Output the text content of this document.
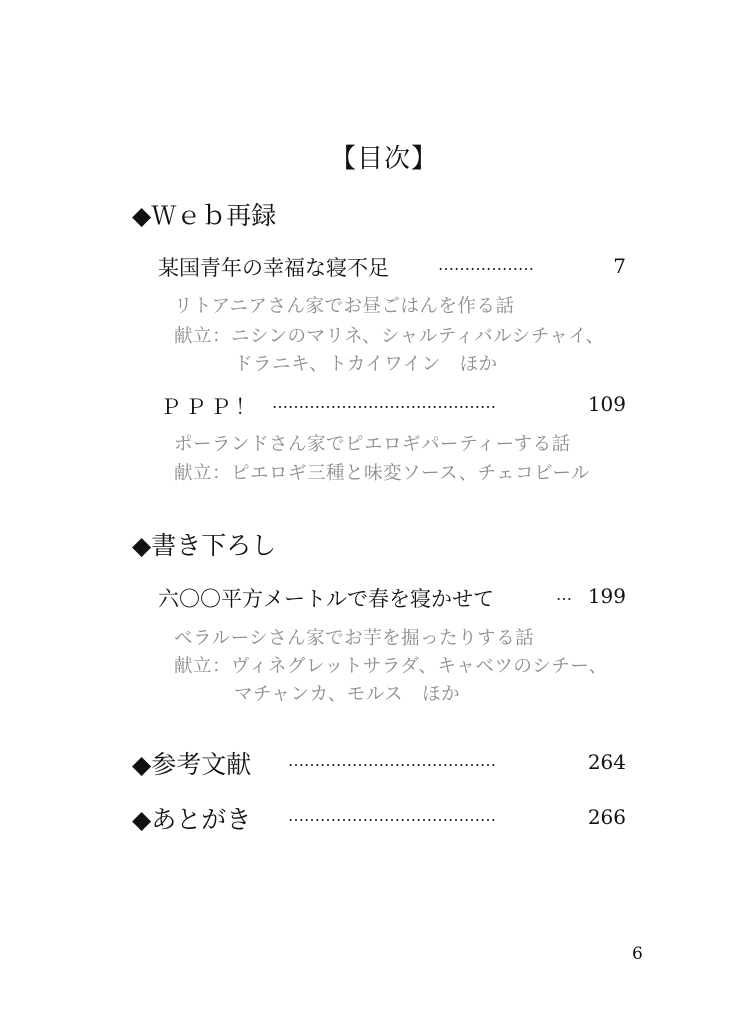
【目次】
◆Ｗｅｂ再録
某国青年の幸福な寝不足	………………	7
リトアニアさん家でお昼ごはんを作る話
献立：ニシンのマリネ、シャルティバルシチャイ、
ドラニキ、トカイワイン　ほか
ＰＰＰ！ ……………………………………	109
ポーランドさん家でピエロギパーティーする話
献立：ピエロギ三種と味変ソース、チェコビール
◆書き下ろし
六〇〇平方メートルで春を寝かせて	… 199
ベラルーシさん家でお芋を掘ったりする話
献立：ヴィネグレットサラダ、キャベツのシチー、
マチャンカ、モルス　ほか
◆参考文献 …………………………………	264
◆あとがき …………………………………	266
6
